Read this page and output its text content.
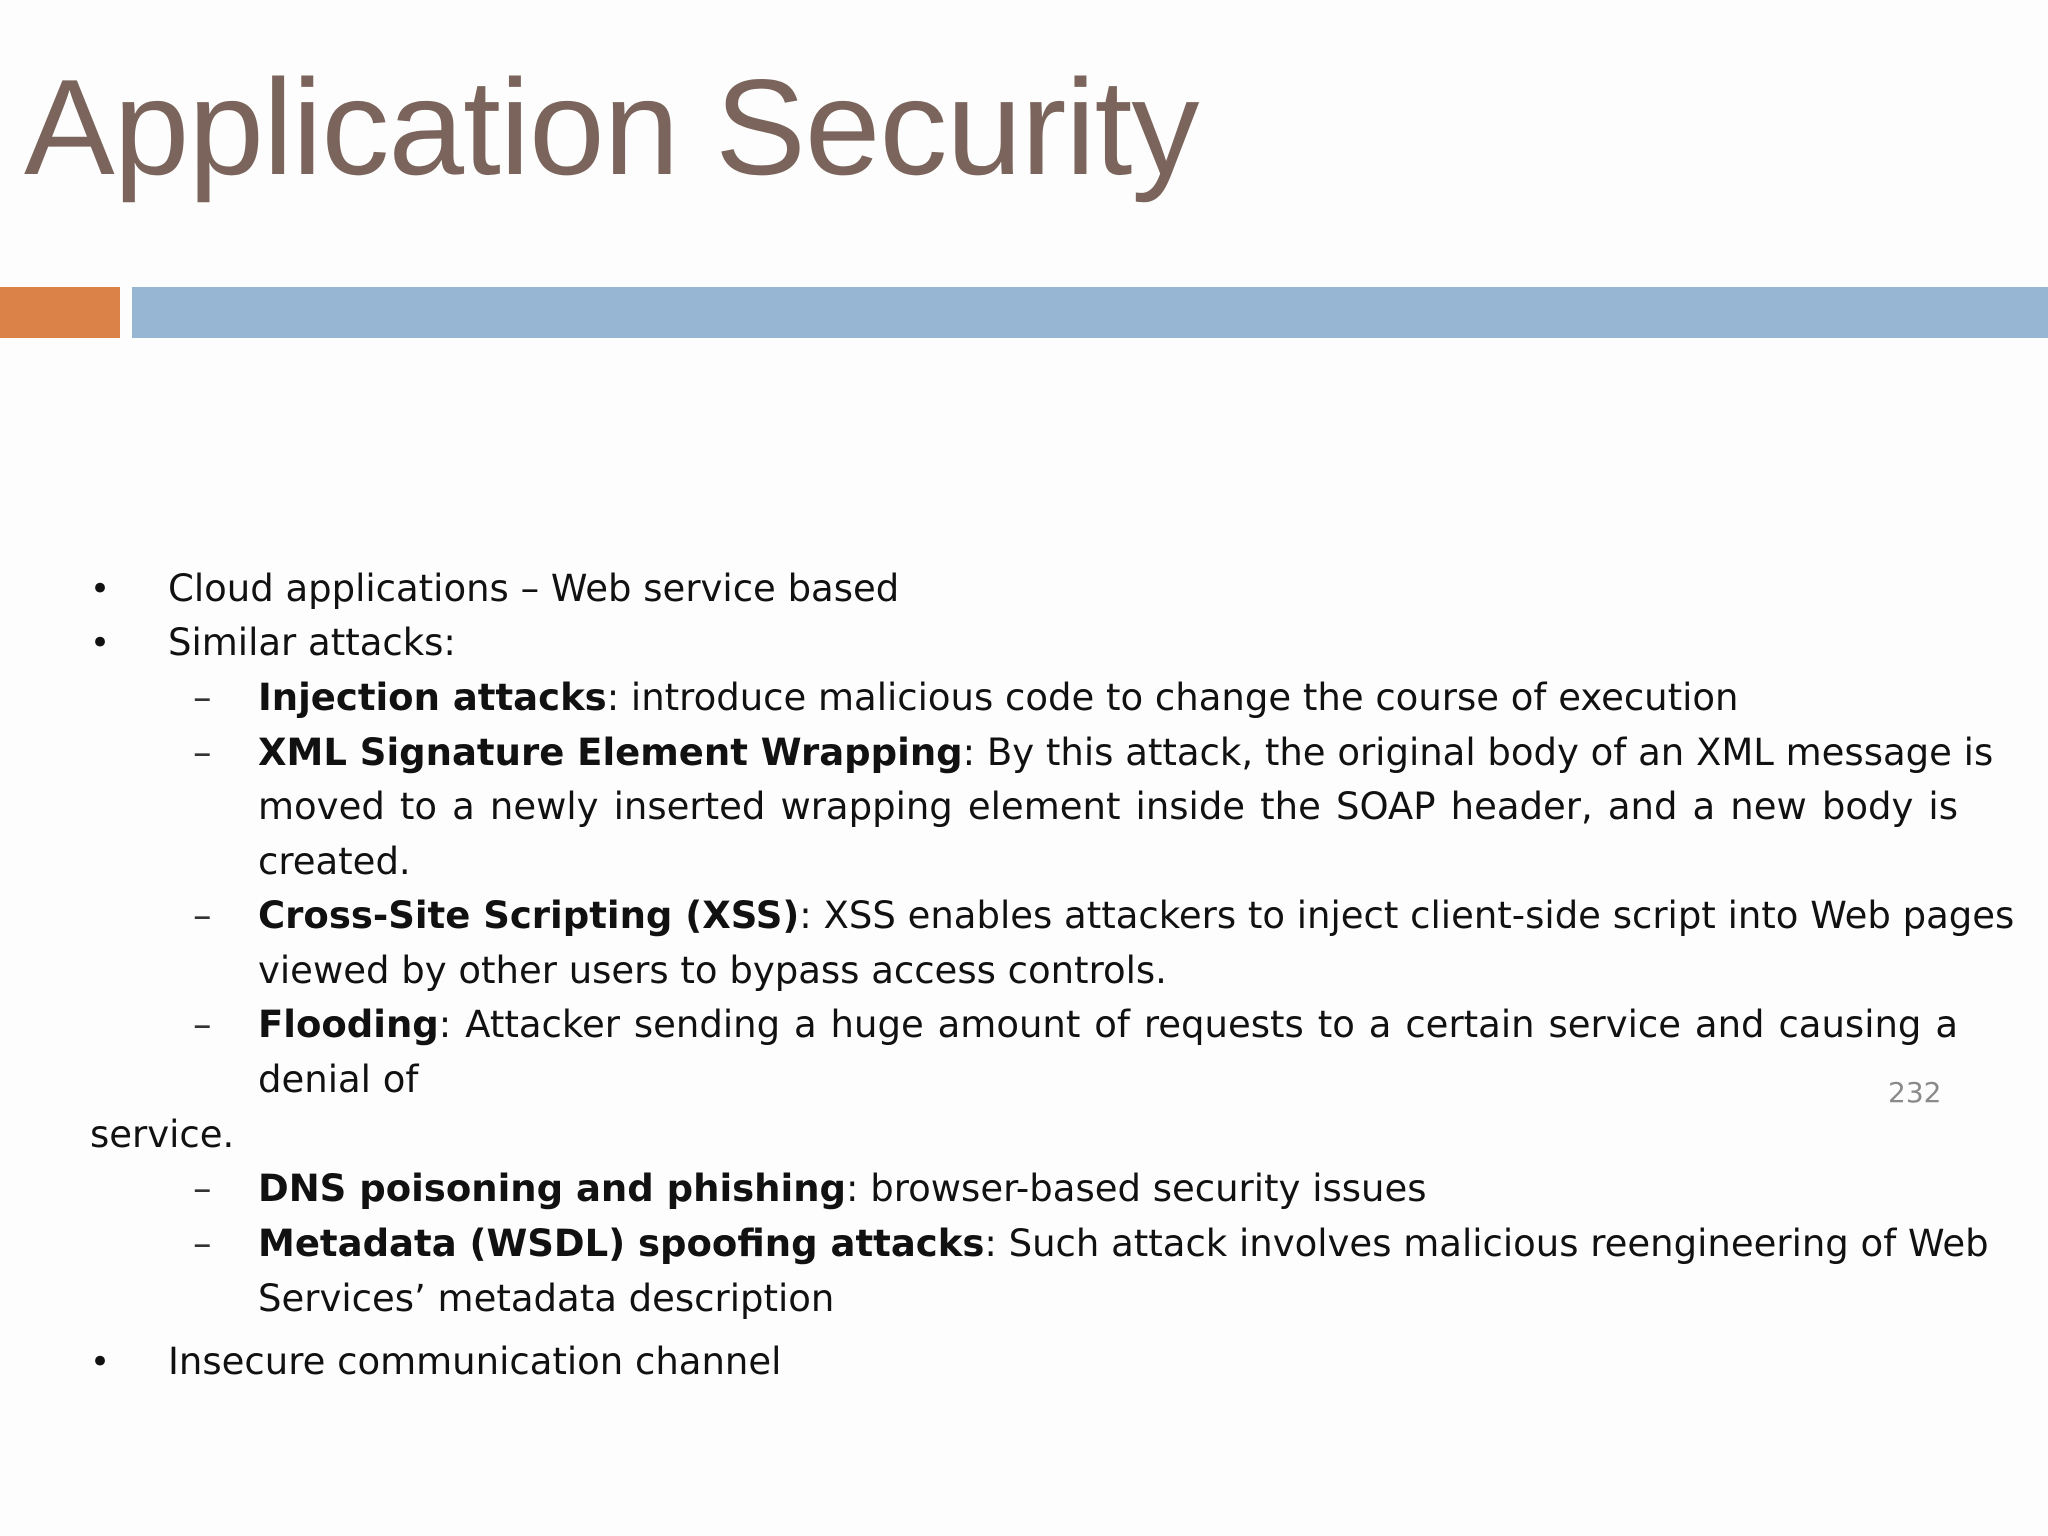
Application Security
• Cloud applications – Web service based
• Similar attacks:
– Injection attacks: introduce malicious code to change the course of execution
– XML Signature Element Wrapping: By this attack, the original body of an XML message is
moved to a newly inserted wrapping element inside the SOAP header, and a new body is
created.
– Cross-Site Scripting (XSS): XSS enables attackers to inject client-side script into Web pages
viewed by other users to bypass access controls.
– Flooding: Attacker sending a huge amount of requests to a certain service and causing a
denial of
service.
– DNS poisoning and phishing: browser-based security issues
– Metadata (WSDL) spoofing attacks: Such attack involves malicious reengineering of Web
Services’ metadata description
• Insecure communication channel
232
